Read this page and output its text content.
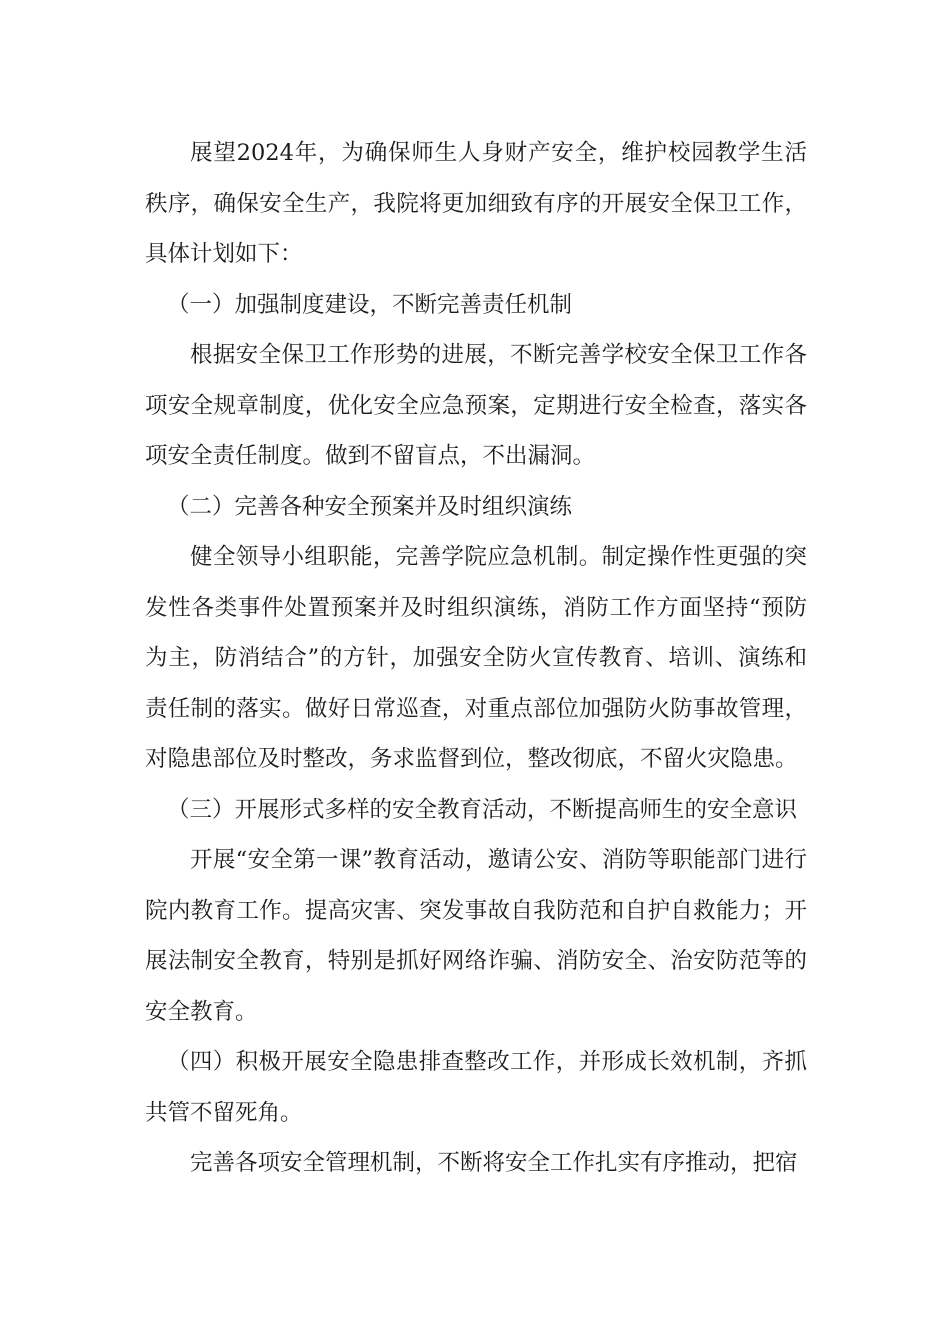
展望2024年，为确保师生人身财产安全，维护校园教学生活秩序，确保安全生产，我院将更加细致有序的开展安全保卫工作，具体计划如下：

（一）加强制度建设，不断完善责任机制

根据安全保卫工作形势的进展，不断完善学校安全保卫工作各项安全规章制度，优化安全应急预案，定期进行安全检查，落实各项安全责任制度。做到不留盲点，不出漏洞。

（二）完善各种安全预案并及时组织演练

健全领导小组职能，完善学院应急机制。制定操作性更强的突发性各类事件处置预案并及时组织演练，消防工作方面坚持“预防为主，防消结合”的方针，加强安全防火宣传教育、培训、演练和责任制的落实。做好日常巡查，对重点部位加强防火防事故管理，对隐患部位及时整改，务求监督到位，整改彻底，不留火灾隐患。

（三）开展形式多样的安全教育活动，不断提高师生的安全意识

开展“安全第一课”教育活动，邀请公安、消防等职能部门进行院内教育工作。提高灾害、突发事故自我防范和自护自救能力；开展法制安全教育，特别是抓好网络诈骗、消防安全、治安防范等的安全教育。

（四）积极开展安全隐患排查整改工作，并形成长效机制，齐抓共管不留死角。

完善各项安全管理机制，不断将安全工作扎实有序推动，把宿
